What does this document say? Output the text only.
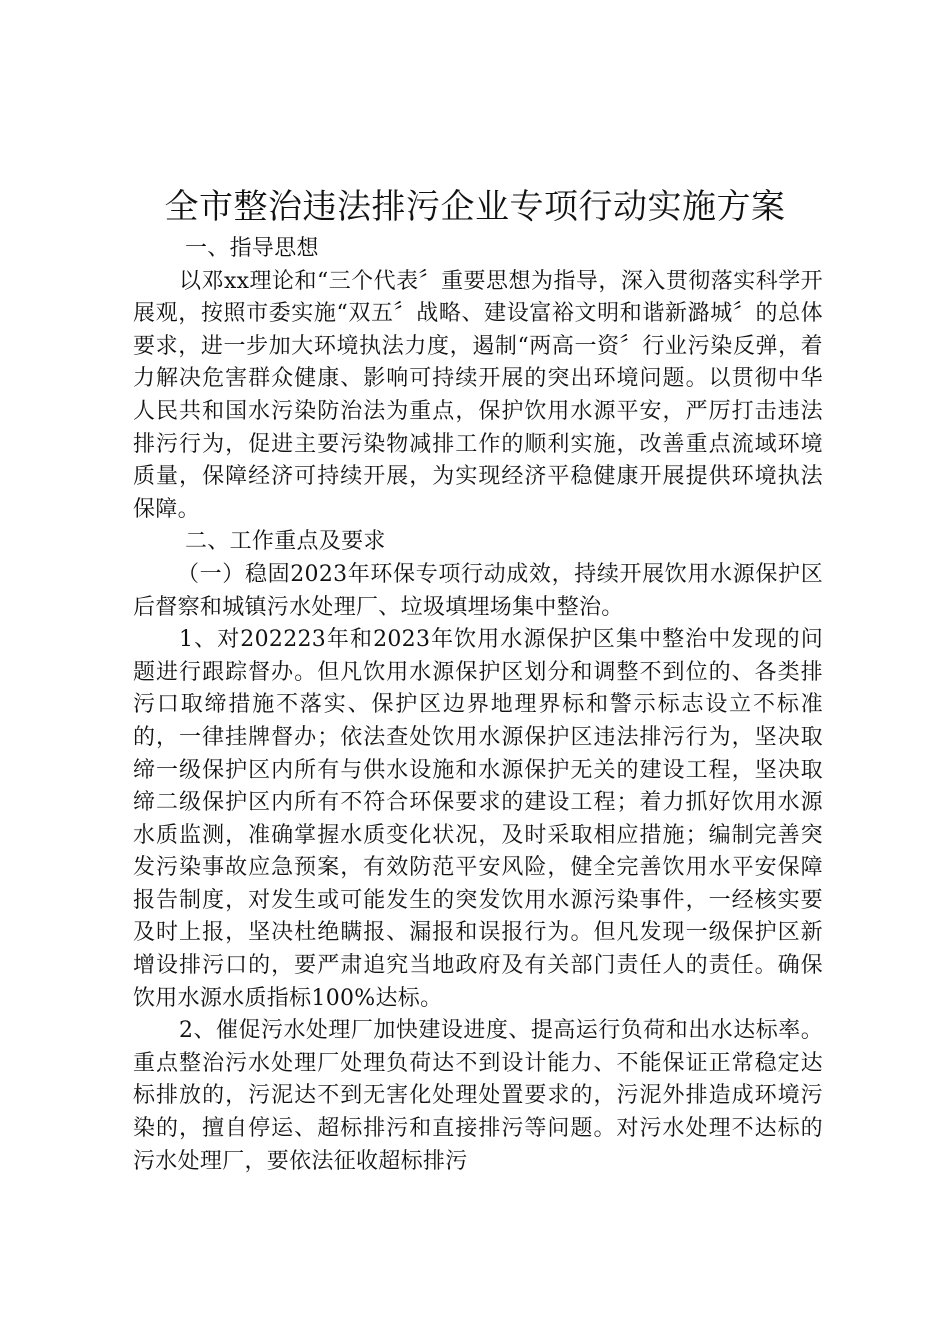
全市整治违法排污企业专项行动实施方案

一、指导思想

以邓xx理论和“三个代表〞重要思想为指导，深入贯彻落实科学开展观，按照市委实施“双五〞战略、建设富裕文明和谐新潞城〞的总体要求，进一步加大环境执法力度，遏制“两高一资〞行业污染反弹，着力解决危害群众健康、影响可持续开展的突出环境问题。以贯彻中华人民共和国水污染防治法为重点，保护饮用水源平安，严厉打击违法排污行为，促进主要污染物减排工作的顺利实施，改善重点流域环境质量，保障经济可持续开展，为实现经济平稳健康开展提供环境执法保障。

二、工作重点及要求

（一）稳固2023年环保专项行动成效，持续开展饮用水源保护区后督察和城镇污水处理厂、垃圾填埋场集中整治。

1、对202223年和2023年饮用水源保护区集中整治中发现的问题进行跟踪督办。但凡饮用水源保护区划分和调整不到位的、各类排污口取缔措施不落实、保护区边界地理界标和警示标志设立不标准的，一律挂牌督办；依法查处饮用水源保护区违法排污行为，坚决取缔一级保护区内所有与供水设施和水源保护无关的建设工程，坚决取缔二级保护区内所有不符合环保要求的建设工程；着力抓好饮用水源水质监测，准确掌握水质变化状况，及时采取相应措施；编制完善突发污染事故应急预案，有效防范平安风险，健全完善饮用水平安保障报告制度，对发生或可能发生的突发饮用水源污染事件，一经核实要及时上报，坚决杜绝瞒报、漏报和误报行为。但凡发现一级保护区新增设排污口的，要严肃追究当地政府及有关部门责任人的责任。确保饮用水源水质指标100%达标。

2、催促污水处理厂加快建设进度、提高运行负荷和出水达标率。重点整治污水处理厂处理负荷达不到设计能力、不能保证正常稳定达标排放的，污泥达不到无害化处理处置要求的，污泥外排造成环境污染的，擅自停运、超标排污和直接排污等问题。对污水处理不达标的污水处理厂，要依法征收超标排污
